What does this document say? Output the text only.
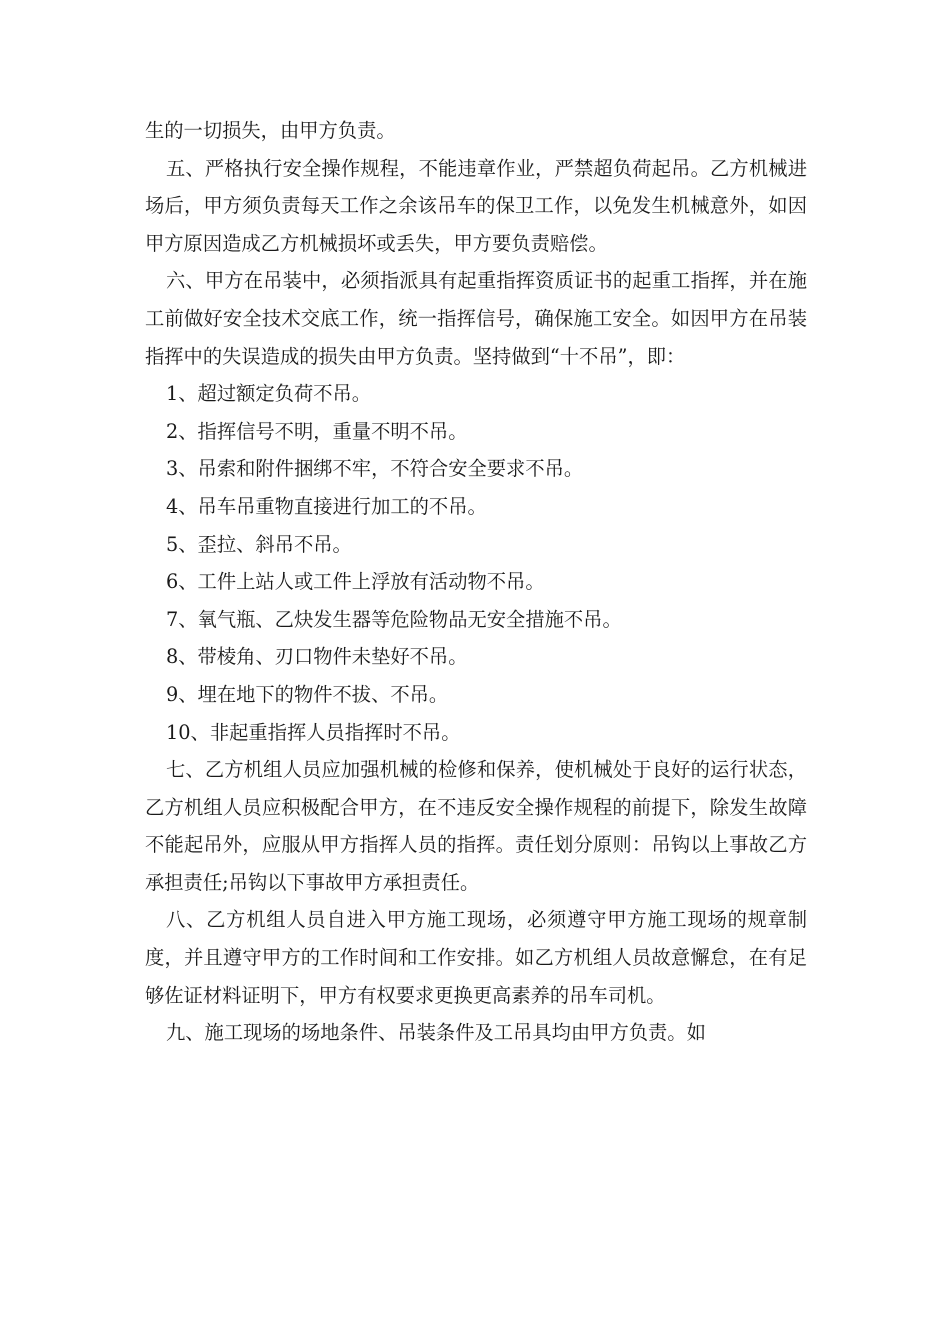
生的一切损失，由甲方负责。

五、严格执行安全操作规程，不能违章作业，严禁超负荷起吊。乙方机械进场后，甲方须负责每天工作之余该吊车的保卫工作，以免发生机械意外，如因甲方原因造成乙方机械损坏或丢失，甲方要负责赔偿。

六、甲方在吊装中，必须指派具有起重指挥资质证书的起重工指挥，并在施工前做好安全技术交底工作，统一指挥信号，确保施工安全。如因甲方在吊装指挥中的失误造成的损失由甲方负责。坚持做到“十不吊”，即：

1、超过额定负荷不吊。

2、指挥信号不明，重量不明不吊。

3、吊索和附件捆绑不牢，不符合安全要求不吊。

4、吊车吊重物直接进行加工的不吊。

5、歪拉、斜吊不吊。

6、工件上站人或工件上浮放有活动物不吊。

7、氧气瓶、乙炔发生器等危险物品无安全措施不吊。

8、带棱角、刃口物件未垫好不吊。

9、埋在地下的物件不拔、不吊。

10、非起重指挥人员指挥时不吊。

七、乙方机组人员应加强机械的检修和保养，使机械处于良好的运行状态，乙方机组人员应积极配合甲方，在不违反安全操作规程的前提下，除发生故障不能起吊外，应服从甲方指挥人员的指挥。责任划分原则：吊钩以上事故乙方承担责任;吊钩以下事故甲方承担责任。

八、乙方机组人员自进入甲方施工现场，必须遵守甲方施工现场的规章制度，并且遵守甲方的工作时间和工作安排。如乙方机组人员故意懈怠，在有足够佐证材料证明下，甲方有权要求更换更高素养的吊车司机。

九、施工现场的场地条件、吊装条件及工吊具均由甲方负责。如
